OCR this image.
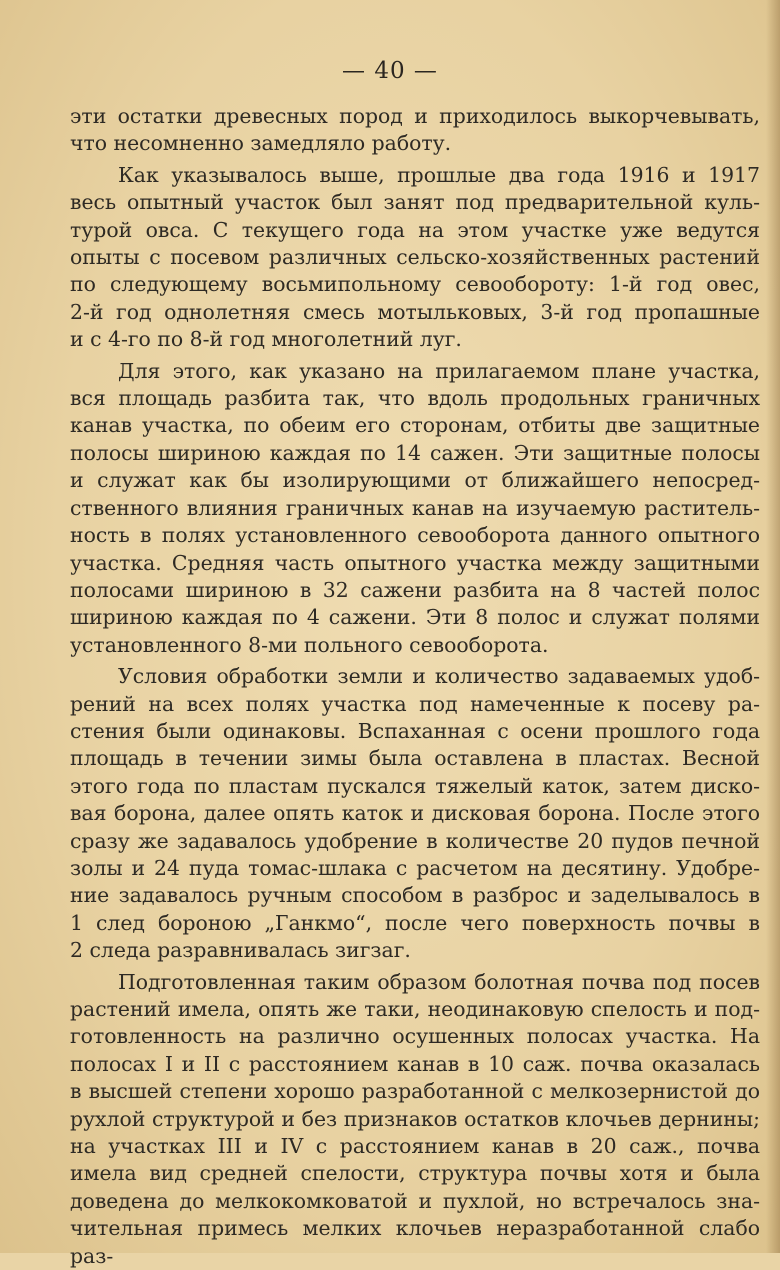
— 40 —

эти остатки древесных пород и приходилось выкорчевывать,

что несомненно замедляло работу.

Как указывалось выше, прошлые два года 1916 и 1917

весь опытный участок был занят под предварительной куль-

турой овса. С текущего года на этом участке уже ведутся

опыты с посевом различных сельско-хозяйственных растений

по следующему восьмипольному севообороту: 1-й год овес,

2-й год однолетняя смесь мотыльковых, 3-й год пропашные

и с 4-го по 8-й год многолетний луг.

Для этого, как указано на прилагаемом плане участка,

вся площадь разбита так, что вдоль продольных граничных

канав участка, по обеим его сторонам, отбиты две защитные

полосы шириною каждая по 14 сажен. Эти защитные полосы

и служат как бы изолирующими от ближайшего непосред-

ственного влияния граничных канав на изучаемую раститель-

ность в полях установленного севооборота данного опытного

участка. Средняя часть опытного участка между защитными

полосами шириною в 32 сажени разбита на 8 частей полос

шириною каждая по 4 сажени. Эти 8 полос и служат полями

установленного 8-ми польного севооборота.

Условия обработки земли и количество задаваемых удоб-

рений на всех полях участка под намеченные к посеву ра-

стения были одинаковы. Вспаханная с осени прошлого года

площадь в течении зимы была оставлена в пластах. Весной

этого года по пластам пускался тяжелый каток, затем диско-

вая борона, далее опять каток и дисковая борона. После этого

сразу же задавалось удобрение в количестве 20 пудов печной

золы и 24 пуда томас-шлака с расчетом на десятину. Удобре-

ние задавалось ручным способом в разброс и заделывалось в

1 след бороною „Ганкмо“, после чего поверхность почвы в

2 следа разравнивалась зигзаг.

Подготовленная таким образом болотная почва под посев

растений имела, опять же таки, неодинаковую спелость и под-

готовленность на различно осушенных полосах участка. На

полосах I и II с расстоянием канав в 10 саж. почва оказалась

в высшей степени хорошо разработанной с мелкозернистой до

рухлой структурой и без признаков остатков клочьев дернины;

на участках III и IV с расстоянием канав в 20 саж., почва

имела вид средней спелости, структура почвы хотя и была

доведена до мелкокомковатой и пухлой, но встречалось зна-

чительная примесь мелких клочьев неразработанной слабо раз-
